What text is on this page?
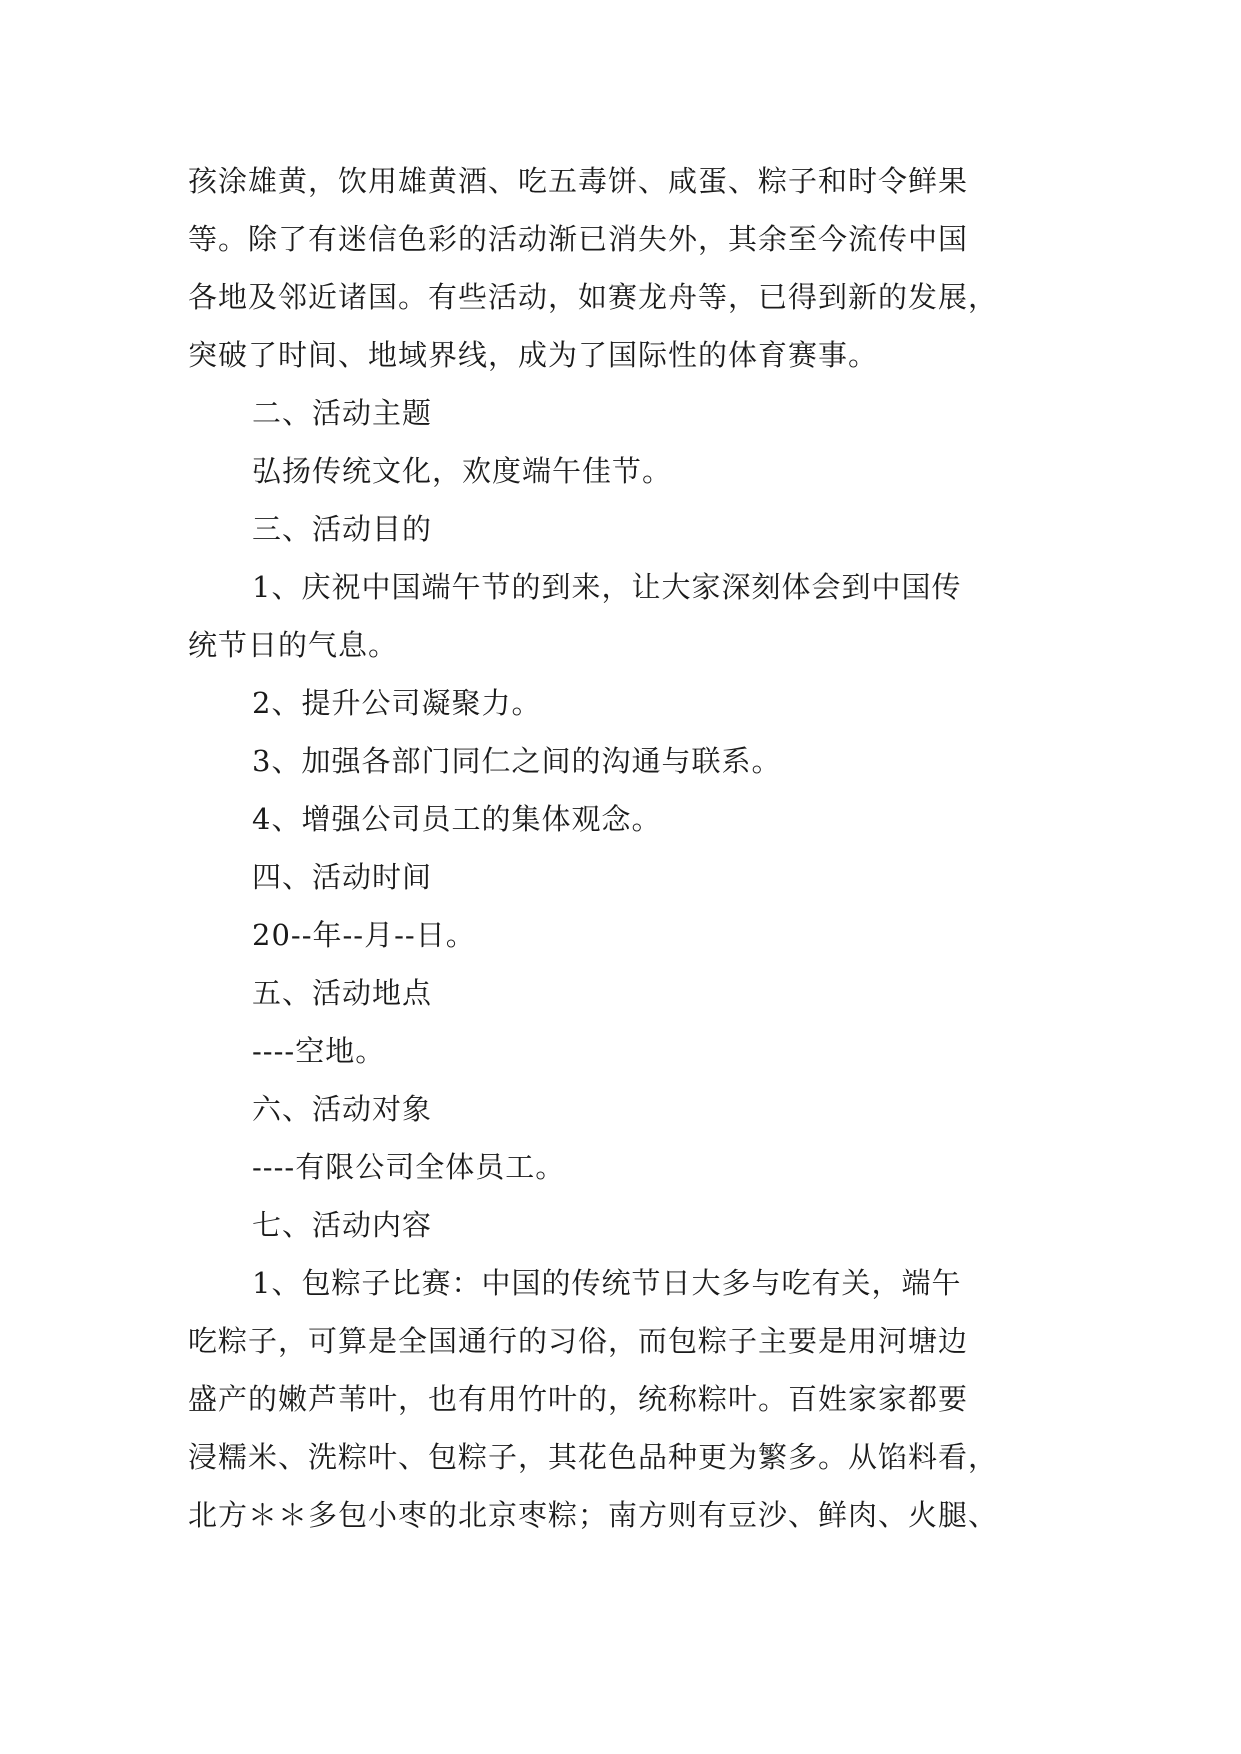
孩涂雄黄，饮用雄黄酒、吃五毒饼、咸蛋、粽子和时令鲜果
等。除了有迷信色彩的活动渐已消失外，其余至今流传中国
各地及邻近诸国。有些活动，如赛龙舟等，已得到新的发展，
突破了时间、地域界线，成为了国际性的体育赛事。
二、活动主题
弘扬传统文化，欢度端午佳节。
三、活动目的
1、庆祝中国端午节的到来，让大家深刻体会到中国传
统节日的气息。
2、提升公司凝聚力。
3、加强各部门同仁之间的沟通与联系。
4、增强公司员工的集体观念。
四、活动时间
20--年--月--日。
五、活动地点
----空地。
六、活动对象
----有限公司全体员工。
七、活动内容
1、包粽子比赛：中国的传统节日大多与吃有关，端午
吃粽子，可算是全国通行的习俗，而包粽子主要是用河塘边
盛产的嫩芦苇叶，也有用竹叶的，统称粽叶。百姓家家都要
浸糯米、洗粽叶、包粽子，其花色品种更为繁多。从馅料看，
北方＊＊多包小枣的北京枣粽；南方则有豆沙、鲜肉、火腿、
